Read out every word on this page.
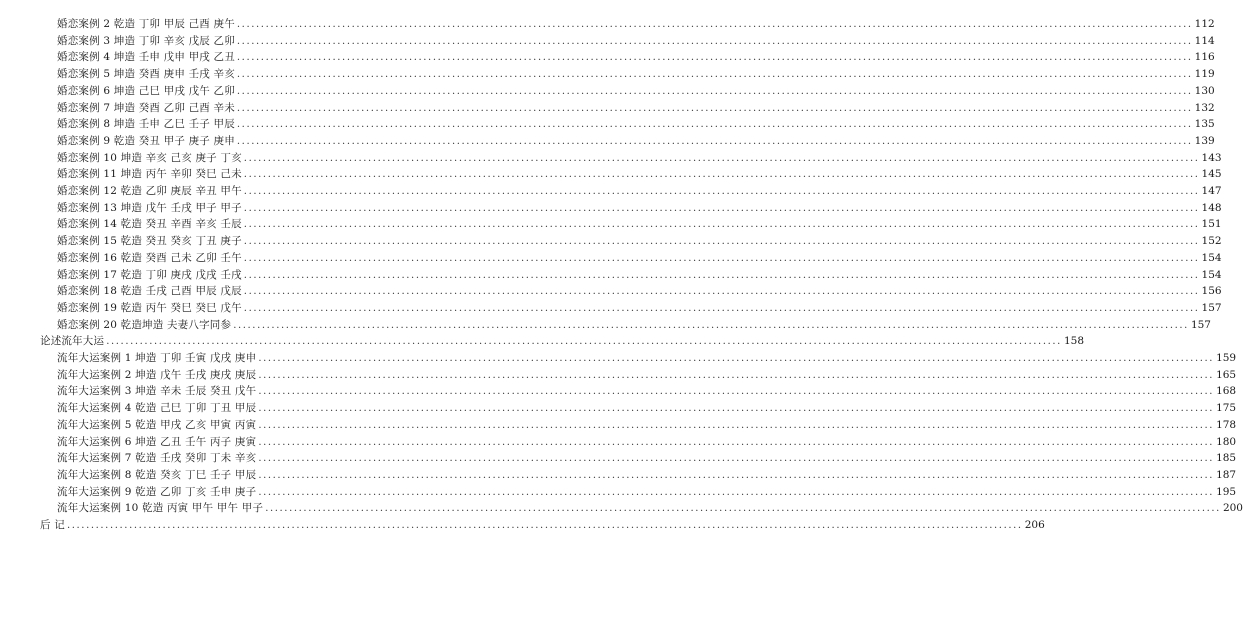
婚恋案例 2 乾造 丁卯 甲辰 己酉 庚午 ........................................................................................................................................................................................................ 112
婚恋案例 3 坤造 丁卯 辛亥 戊辰 乙卯 ........................................................................................................................................................................................................ 114
婚恋案例 4 坤造 壬申 戊申 甲戌 乙丑 ........................................................................................................................................................................................................ 116
婚恋案例 5 坤造 癸酉 庚申 壬戌 辛亥 ........................................................................................................................................................................................................ 119
婚恋案例 6 坤造 己巳 甲戌 戊午 乙卯 ........................................................................................................................................................................................................ 130
婚恋案例 7 坤造 癸酉 乙卯 己酉 辛未 ........................................................................................................................................................................................................ 132
婚恋案例 8 坤造 壬申 乙巳 壬子 甲辰 ........................................................................................................................................................................................................ 135
婚恋案例 9 乾造 癸丑 甲子 庚子 庚申 ........................................................................................................................................................................................................ 139
婚恋案例 10 坤造 辛亥 己亥 庚子 丁亥 ........................................................................................................................................................................................................ 143
婚恋案例 11 坤造 丙午 辛卯 癸巳 己未 ........................................................................................................................................................................................................ 145
婚恋案例 12 乾造 乙卯 庚辰 辛丑 甲午 ........................................................................................................................................................................................................ 147
婚恋案例 13 坤造 戊午 壬戌 甲子 甲子 ........................................................................................................................................................................................................ 148
婚恋案例 14 乾造 癸丑 辛酉 辛亥 壬辰 ........................................................................................................................................................................................................ 151
婚恋案例 15 乾造 癸丑 癸亥 丁丑 庚子 ........................................................................................................................................................................................................ 152
婚恋案例 16 乾造 癸酉 己未 乙卯 壬午 ........................................................................................................................................................................................................ 154
婚恋案例 17 乾造 丁卯 庚戌 戊戌 壬戌 ........................................................................................................................................................................................................ 154
婚恋案例 18 乾造 壬戌 己酉 甲辰 戊辰 ........................................................................................................................................................................................................ 156
婚恋案例 19 乾造 丙午 癸巳 癸巳 戊午 ........................................................................................................................................................................................................ 157
婚恋案例 20 乾造坤造 夫妻八字同参 ........................................................................................................................................................................................................ 157
论述流年大运 ........................................................................................................................................................................................................ 158
流年大运案例 1 坤造 丁卯 壬寅 戊戌 庚申 ........................................................................................................................................................................................................ 159
流年大运案例 2 坤造 戊午 壬戌 庚戌 庚辰 ........................................................................................................................................................................................................ 165
流年大运案例 3 坤造 辛未 壬辰 癸丑 戊午 ........................................................................................................................................................................................................ 168
流年大运案例 4 乾造 己巳 丁卯 丁丑 甲辰 ........................................................................................................................................................................................................ 175
流年大运案例 5 乾造 甲戌 乙亥 甲寅 丙寅 ........................................................................................................................................................................................................ 178
流年大运案例 6 坤造 乙丑 壬午 丙子 庚寅 ........................................................................................................................................................................................................ 180
流年大运案例 7 乾造 壬戌 癸卯 丁未 辛亥 ........................................................................................................................................................................................................ 185
流年大运案例 8 乾造 癸亥 丁巳 壬子 甲辰 ........................................................................................................................................................................................................ 187
流年大运案例 9 乾造 乙卯 丁亥 壬申 庚子 ........................................................................................................................................................................................................ 195
流年大运案例 10 乾造 丙寅 甲午 甲午 甲子 ........................................................................................................................................................................................................ 200
后 记 ........................................................................................................................................................................................................ 206
